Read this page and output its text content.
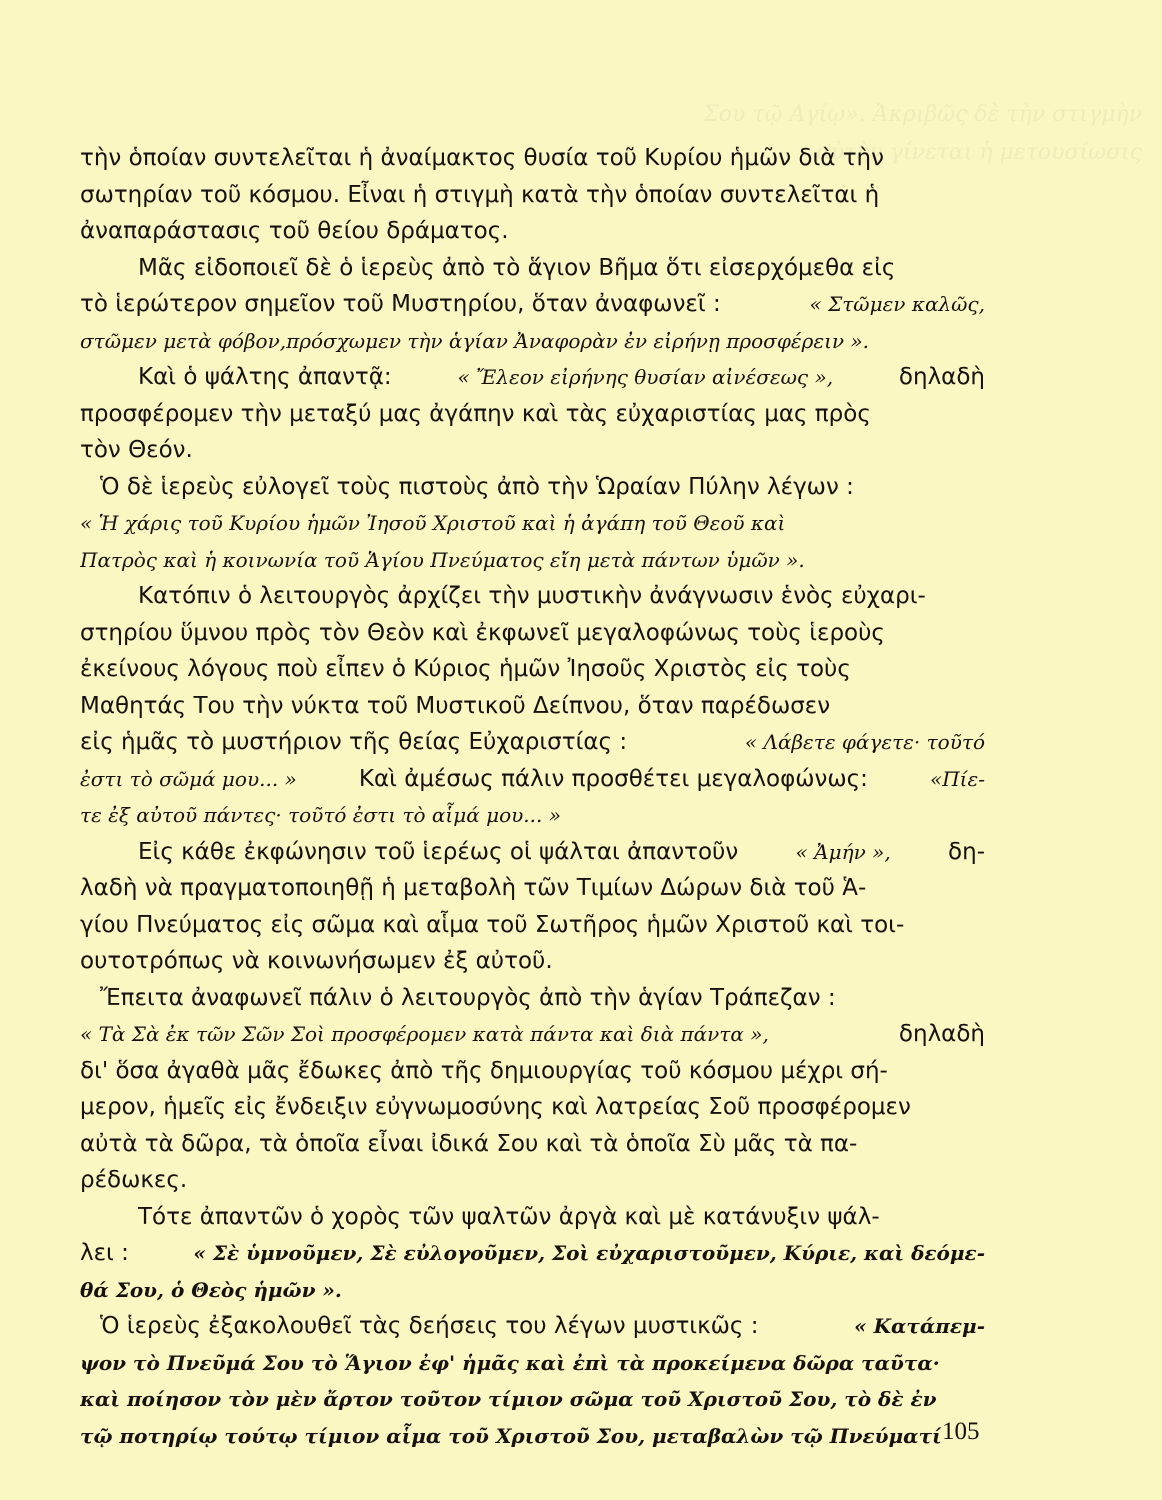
Σου τῷ Αγίῳ». Ἀκριβῶς δὲ τὴν στιγμὴν αὐτὴν γίνεται ἡ μετουσίωσις
τὴν ὁποίαν συντελεῖται ἡ ἀναίμακτος θυσία τοῦ Κυρίου ἡμῶν διὰ τὴν
σωτηρίαν τοῦ κόσμου. Εἶναι ἡ στιγμὴ κατὰ τὴν ὁποίαν συντελεῖται ἡ
ἀναπαράστασις τοῦ θείου δράματος.
Μᾶς εἰδοποιεῖ δὲ ὁ ἱερεὺς ἀπὸ τὸ ἅγιον Βῆμα ὅτι εἰσερχόμεθα εἰς
τὸ ἱερώτερον σημεῖον τοῦ Μυστηρίου, ὅταν ἀναφωνεῖ :	« Στῶμεν καλῶς,
στῶμεν μετὰ φόβον,πρόσχωμεν τὴν ἁγίαν Ἀναφορὰν ἐν εἰρήνῃ προσφέρειν ».
Καὶ ὁ ψάλτης ἀπαντᾷ:	« Ἔλεον εἰρήνης θυσίαν αἰνέσεως »,	δηλαδὴ
προσφέρομεν τὴν μεταξύ μας ἀγάπην καὶ τὰς εὐχαριστίας μας πρὸς
τὸν Θεόν.
Ὁ δὲ ἱερεὺς εὐλογεῖ τοὺς πιστοὺς ἀπὸ τὴν Ὡραίαν Πύλην λέγων :
« Ἡ χάρις τοῦ Κυρίου ἡμῶν Ἰησοῦ Χριστοῦ καὶ ἡ ἀγάπη τοῦ Θεοῦ καὶ
Πατρὸς καὶ ἡ κοινωνία τοῦ Ἁγίου Πνεύματος εἴη μετὰ πάντων ὑμῶν ».
Κατόπιν ὁ λειτουργὸς ἀρχίζει τὴν μυστικὴν ἀνάγνωσιν ἑνὸς εὐχαρι-
στηρίου ὕμνου πρὸς τὸν Θεὸν καὶ ἐκφωνεῖ μεγαλοφώνως τοὺς ἱεροὺς
ἐκείνους λόγους ποὺ εἶπεν ὁ Κύριος ἡμῶν Ἰησοῦς Χριστὸς εἰς τοὺς
Μαθητάς Του τὴν νύκτα τοῦ Μυστικοῦ Δείπνου, ὅταν παρέδωσεν
εἰς ἡμᾶς τὸ μυστήριον τῆς θείας Εὐχαριστίας :	« Λάβετε φάγετε· τοῦτό
ἐστι τὸ σῶμά μου... » Καὶ ἀμέσως πάλιν προσθέτει μεγαλοφώνως:	«Πίε-
τε ἐξ αὐτοῦ πάντες· τοῦτό ἐστι τὸ αἷμά μου... »
Εἰς κάθε ἐκφώνησιν τοῦ ἱερέως οἱ ψάλται ἀπαντοῦν	« Ἀμήν », δη-
λαδὴ νὰ πραγματοποιηθῇ ἡ μεταβολὴ τῶν Τιμίων Δώρων διὰ τοῦ Ἁ-
γίου Πνεύματος εἰς σῶμα καὶ αἷμα τοῦ Σωτῆρος ἡμῶν Χριστοῦ καὶ τοι-
ουτοτρόπως νὰ κοινωνήσωμεν ἐξ αὐτοῦ.
Ἔπειτα ἀναφωνεῖ πάλιν ὁ λειτουργὸς ἀπὸ τὴν ἁγίαν Τράπεζαν :
« Τὰ Σὰ ἐκ τῶν Σῶν Σοὶ προσφέρομεν κατὰ πάντα καὶ διὰ πάντα »,	δηλαδὴ
δι' ὅσα ἀγαθὰ μᾶς ἔδωκες ἀπὸ τῆς δημιουργίας τοῦ κόσμου μέχρι σή-
μερον, ἡμεῖς εἰς ἔνδειξιν εὐγνωμοσύνης καὶ λατρείας Σοῦ προσφέρομεν
αὐτὰ τὰ δῶρα, τὰ ὁποῖα εἶναι ἰδικά Σου καὶ τὰ ὁποῖα Σὺ μᾶς τὰ πα-
ρέδωκες.
Τότε ἀπαντῶν ὁ χορὸς τῶν ψαλτῶν ἀργὰ καὶ μὲ κατάνυξιν ψάλ-
λει :	« Σὲ ὑμνοῦμεν, Σὲ εὐλογοῦμεν, Σοὶ εὐχαριστοῦμεν, Κύριε, καὶ δεόμε-
θά Σου, ὁ Θεὸς ἡμῶν ».
Ὁ ἱερεὺς ἐξακολουθεῖ τὰς δεήσεις του λέγων μυστικῶς :	« Κατάπεμ-
ψον τὸ Πνεῦμά Σου τὸ Ἅγιον ἐφ' ἡμᾶς καὶ ἐπὶ τὰ προκείμενα δῶρα ταῦτα·
καὶ ποίησον τὸν μὲν ἄρτον τοῦτον τίμιον σῶμα τοῦ Χριστοῦ Σου, τὸ δὲ ἐν
τῷ ποτηρίῳ τούτῳ τίμιον αἷμα τοῦ Χριστοῦ Σου, μεταβαλὼν τῷ Πνεύματί 105
